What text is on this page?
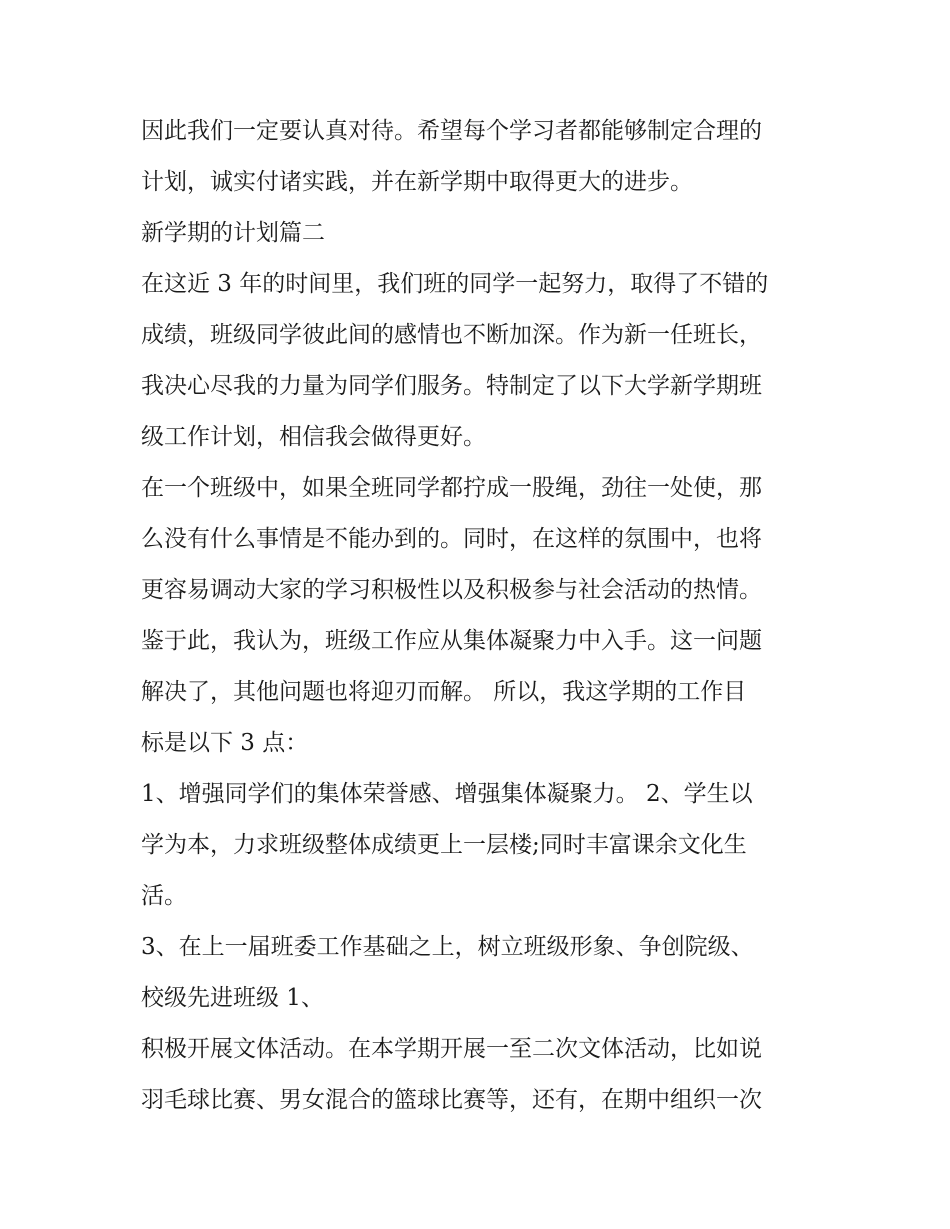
因此我们一定要认真对待。希望每个学习者都能够制定合理的
计划，诚实付诸实践，并在新学期中取得更大的进步。
新学期的计划篇二
在这近 3 年的时间里，我们班的同学一起努力，取得了不错的
成绩，班级同学彼此间的感情也不断加深。作为新一任班长，
我决心尽我的力量为同学们服务。特制定了以下大学新学期班
级工作计划，相信我会做得更好。
在一个班级中，如果全班同学都拧成一股绳，劲往一处使，那
么没有什么事情是不能办到的。同时，在这样的氛围中，也将
更容易调动大家的学习积极性以及积极参与社会活动的热情。
鉴于此，我认为，班级工作应从集体凝聚力中入手。这一问题
解决了，其他问题也将迎刃而解。 所以，我这学期的工作目
标是以下 3 点：
1、增强同学们的集体荣誉感、增强集体凝聚力。 2、学生以
学为本，力求班级整体成绩更上一层楼;同时丰富课余文化生
活。
3、在上一届班委工作基础之上，树立班级形象、争创院级、
校级先进班级 1、
积极开展文体活动。在本学期开展一至二次文体活动，比如说
羽毛球比赛、男女混合的篮球比赛等，还有，在期中组织一次
